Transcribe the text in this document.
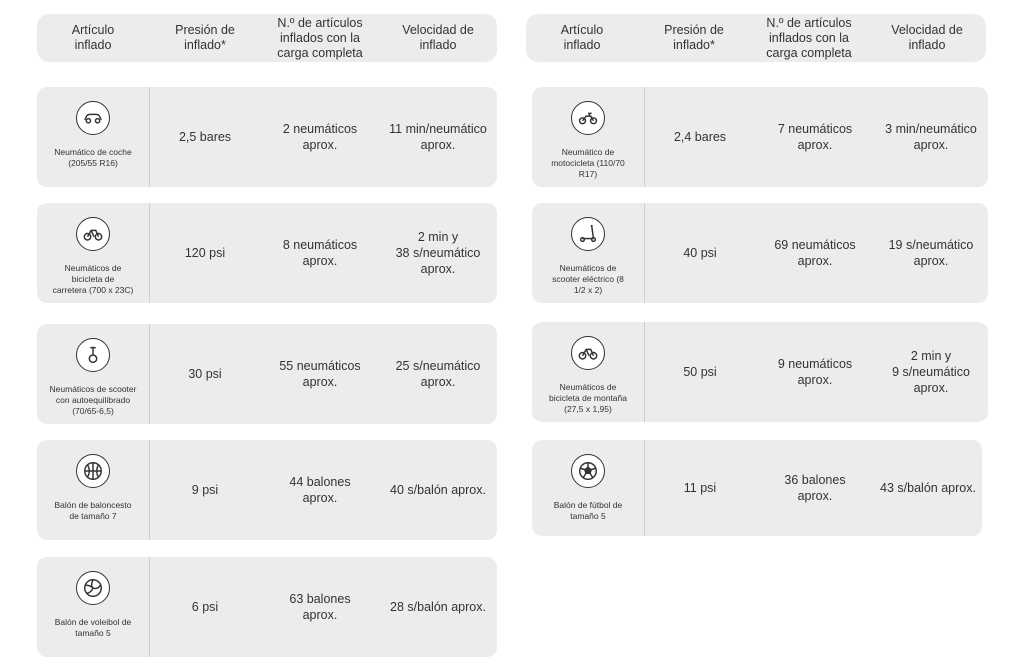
Artículo
inflado
Presión de
inflado*
N.º de artículos
inflados con la
carga completa
Velocidad de
inflado
Artículo
inflado
Presión de
inflado*
N.º de artículos
inflados con la
carga completa
Velocidad de
inflado
Neumático de coche
(205/55 R16)
2,5 bares
2 neumáticos
aprox.
11 min/neumático
aprox.
Neumáticos de
bicicleta de
carretera (700 x 23C)
120 psi
8 neumáticos
aprox.
2 min y
38 s/neumático
aprox.
Neumáticos de scooter
con autoequilibrado
(70/65-6,5)
30 psi
55 neumáticos
aprox.
25 s/neumático
aprox.
Balón de baloncesto
de tamaño 7
9 psi
44 balones
aprox.
40 s/balón aprox.
Balón de voleibol de
tamaño 5
6 psi
63 balones
aprox.
28 s/balón aprox.
Neumático de
motocicleta (110/70
R17)
2,4 bares
7 neumáticos
aprox.
3 min/neumático
aprox.
Neumáticos de
scooter eléctrico (8
1/2 x 2)
40 psi
69 neumáticos
aprox.
19 s/neumático
aprox.
Neumáticos de
bicicleta de montaña
(27,5 x 1,95)
50 psi
9 neumáticos
aprox.
2 min y
9 s/neumático
aprox.
Balón de fútbol de
tamaño 5
11 psi
36 balones
aprox.
43 s/balón aprox.
